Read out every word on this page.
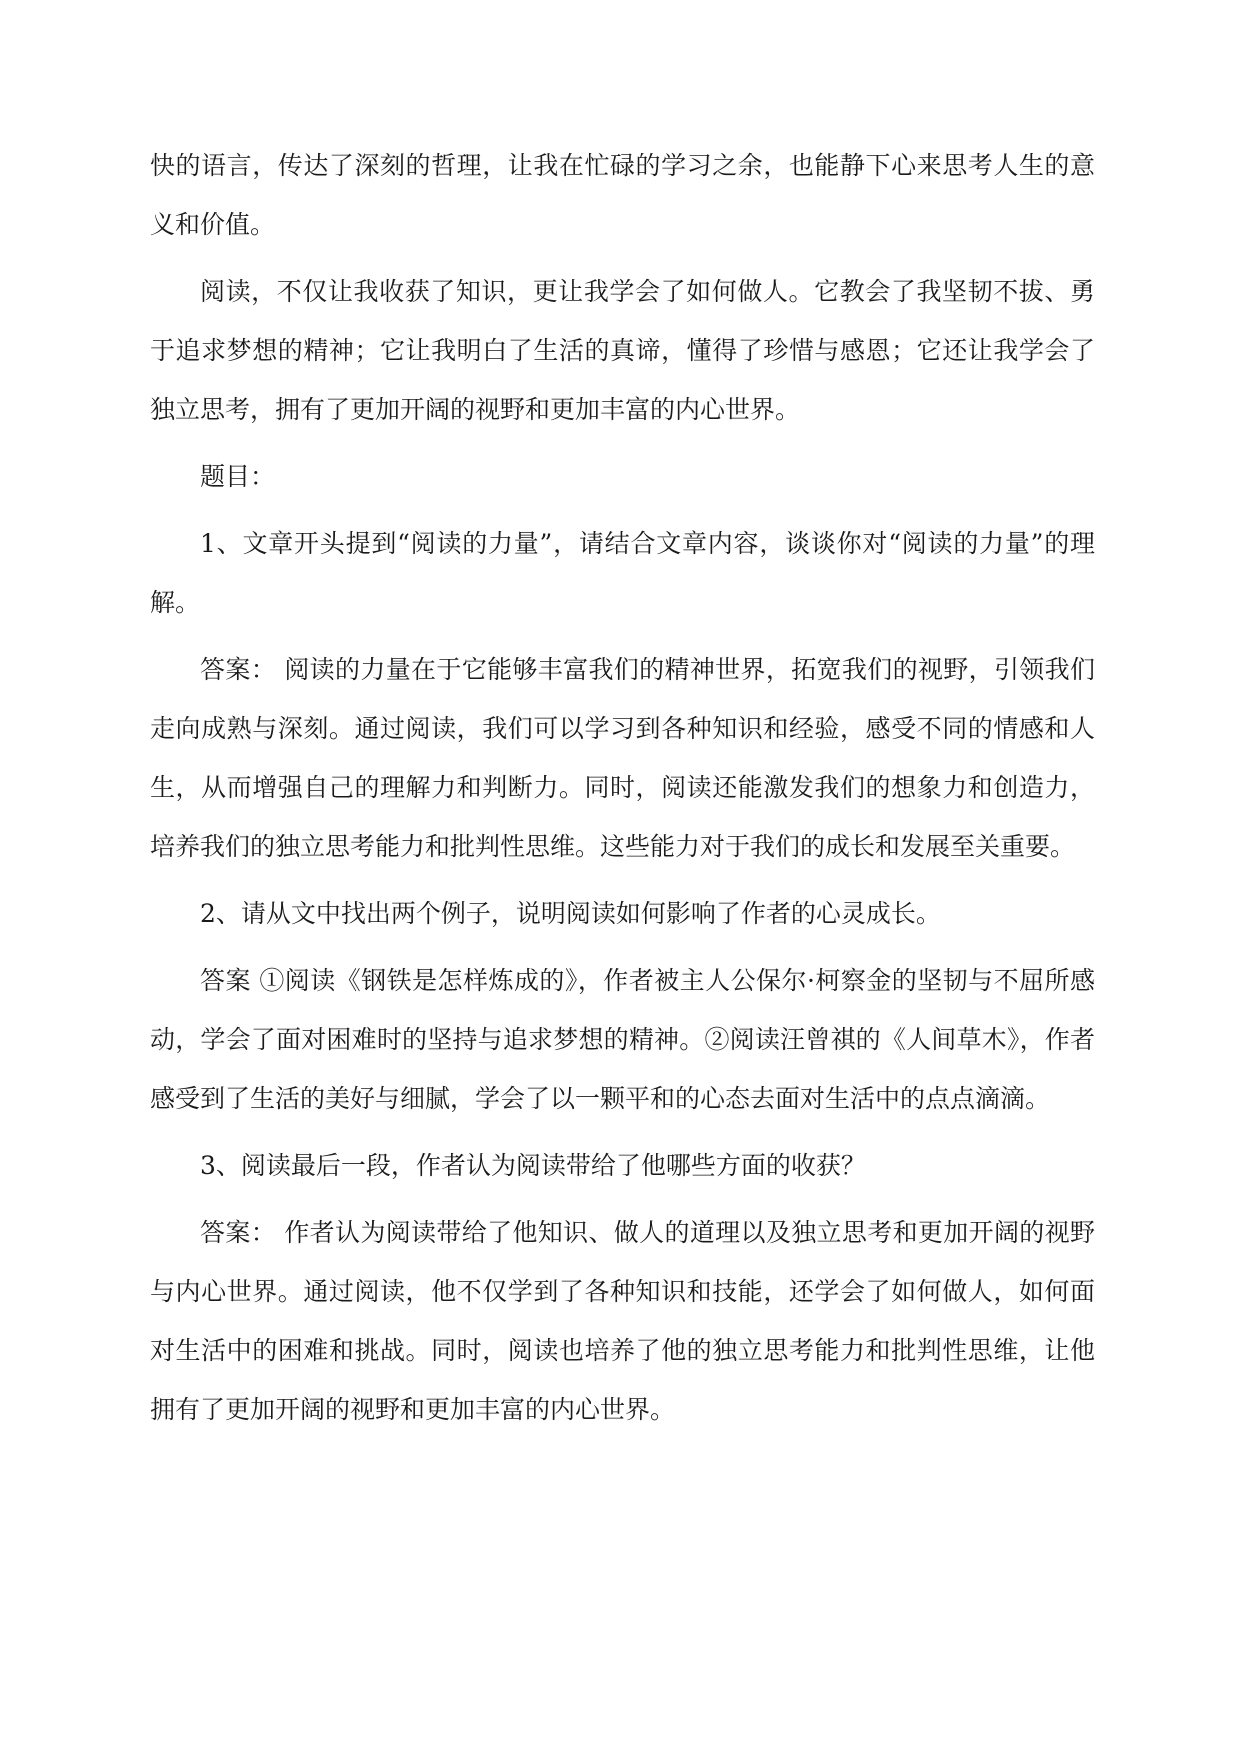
快的语言，传达了深刻的哲理，让我在忙碌的学习之余，也能静下心来思考人生的意义和价值。

阅读，不仅让我收获了知识，更让我学会了如何做人。它教会了我坚韧不拔、勇于追求梦想的精神；它让我明白了生活的真谛，懂得了珍惜与感恩；它还让我学会了独立思考，拥有了更加开阔的视野和更加丰富的内心世界。

题目：

1、文章开头提到“阅读的力量”，请结合文章内容，谈谈你对“阅读的力量”的理解。

答案： 阅读的力量在于它能够丰富我们的精神世界，拓宽我们的视野，引领我们走向成熟与深刻。通过阅读，我们可以学习到各种知识和经验，感受不同的情感和人生，从而增强自己的理解力和判断力。同时，阅读还能激发我们的想象力和创造力，培养我们的独立思考能力和批判性思维。这些能力对于我们的成长和发展至关重要。

2、请从文中找出两个例子，说明阅读如何影响了作者的心灵成长。

答案 ①阅读《钢铁是怎样炼成的》，作者被主人公保尔·柯察金的坚韧与不屈所感动，学会了面对困难时的坚持与追求梦想的精神。②阅读汪曾祺的《人间草木》，作者感受到了生活的美好与细腻，学会了以一颗平和的心态去面对生活中的点点滴滴。

3、阅读最后一段，作者认为阅读带给了他哪些方面的收获？

答案： 作者认为阅读带给了他知识、做人的道理以及独立思考和更加开阔的视野与内心世界。通过阅读，他不仅学到了各种知识和技能，还学会了如何做人，如何面对生活中的困难和挑战。同时，阅读也培养了他的独立思考能力和批判性思维，让他拥有了更加开阔的视野和更加丰富的内心世界。
